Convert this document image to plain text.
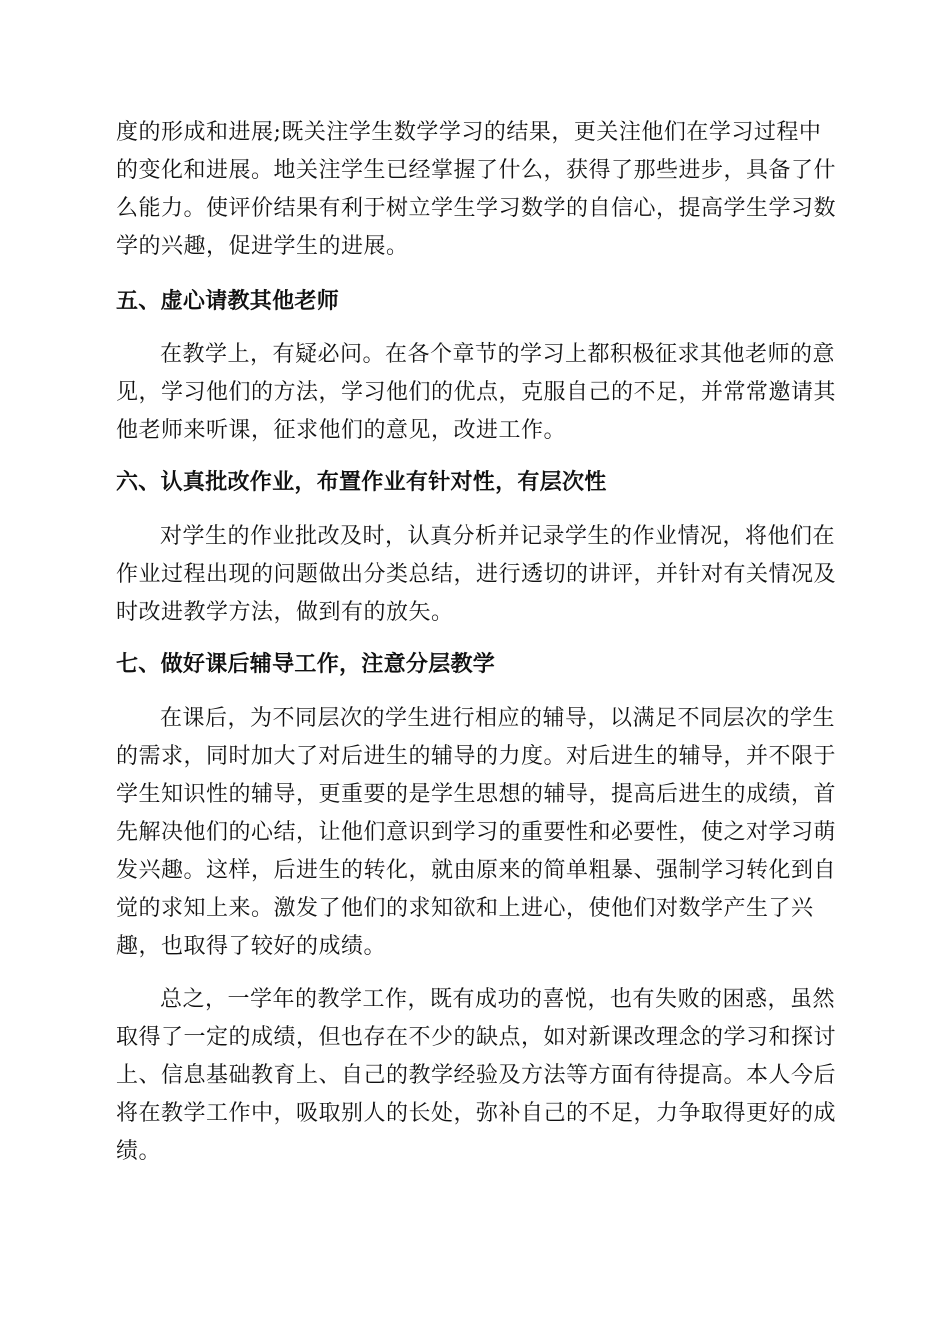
度的形成和进展;既关注学生数学学习的结果，更关注他们在学习过程中
的变化和进展。地关注学生已经掌握了什么，获得了那些进步，具备了什
么能力。使评价结果有利于树立学生学习数学的自信心，提高学生学习数
学的兴趣，促进学生的进展。
五、虚心请教其他老师
在教学上，有疑必问。在各个章节的学习上都积极征求其他老师的意
见，学习他们的方法，学习他们的优点，克服自己的不足，并常常邀请其
他老师来听课，征求他们的意见，改进工作。
六、认真批改作业，布置作业有针对性，有层次性
对学生的作业批改及时，认真分析并记录学生的作业情况，将他们在
作业过程出现的问题做出分类总结，进行透切的讲评，并针对有关情况及
时改进教学方法，做到有的放矢。
七、做好课后辅导工作，注意分层教学
在课后，为不同层次的学生进行相应的辅导，以满足不同层次的学生
的需求，同时加大了对后进生的辅导的力度。对后进生的辅导，并不限于
学生知识性的辅导，更重要的是学生思想的辅导，提高后进生的成绩，首
先解决他们的心结，让他们意识到学习的重要性和必要性，使之对学习萌
发兴趣。这样，后进生的转化，就由原来的简单粗暴、强制学习转化到自
觉的求知上来。激发了他们的求知欲和上进心，使他们对数学产生了兴
趣，也取得了较好的成绩。
总之，一学年的教学工作，既有成功的喜悦，也有失败的困惑，虽然
取得了一定的成绩，但也存在不少的缺点，如对新课改理念的学习和探讨
上、信息基础教育上、自己的教学经验及方法等方面有待提高。本人今后
将在教学工作中，吸取别人的长处，弥补自己的不足，力争取得更好的成
绩。
